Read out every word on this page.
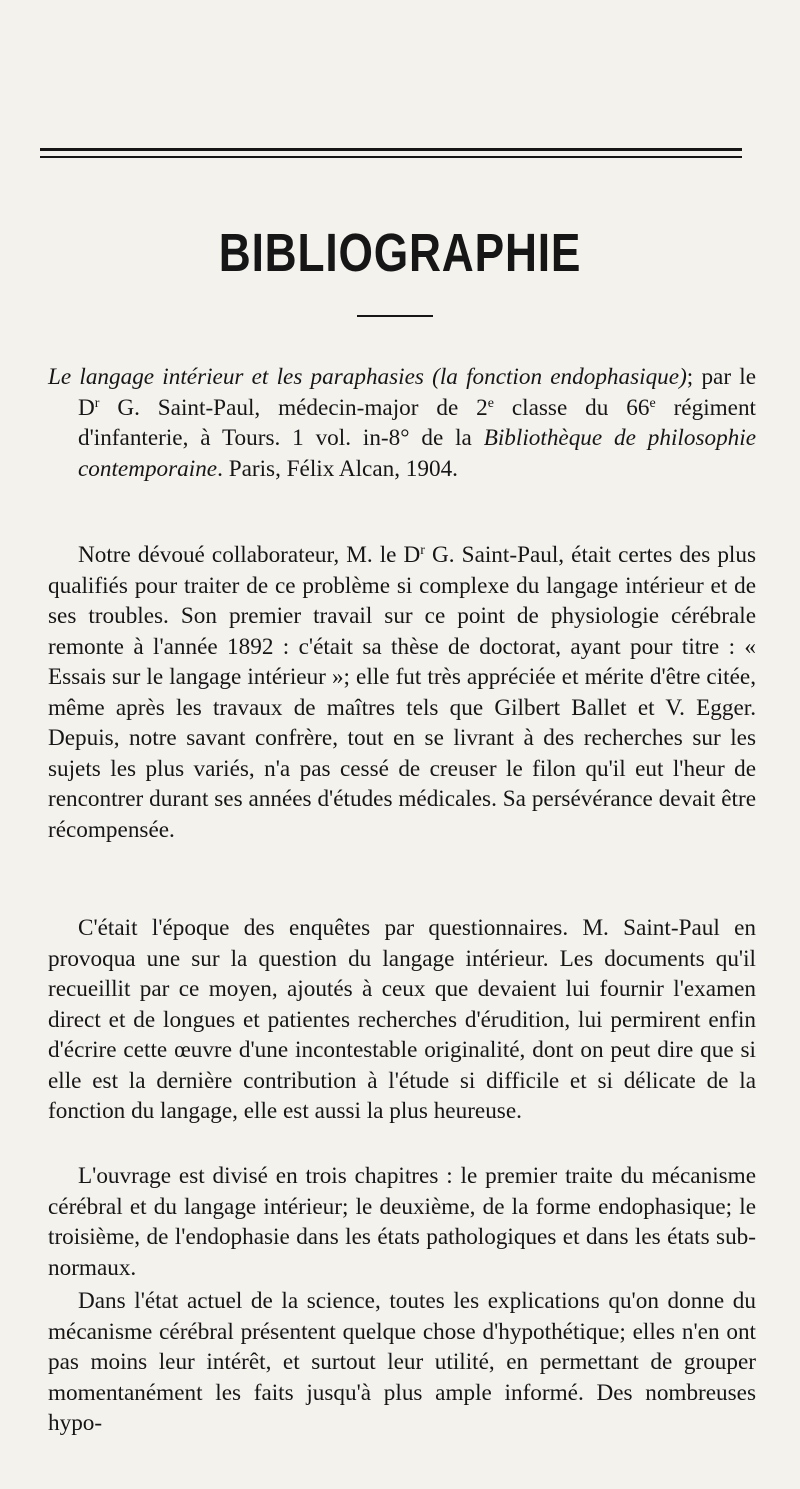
BIBLIOGRAPHIE
Le langage intérieur et les paraphasies (la fonction endophasique); par le $D^r$ G. Saint-Paul, médecin-major de 2e classe du 66e régiment d'infanterie, à Tours. 1 vol. in-8° de la Bibliothèque de philosophie contemporaine. Paris, Félix Alcan, 1904.
Notre dévoué collaborateur, M. le $D^r$ G. Saint-Paul, était certes des plus qualifiés pour traiter de ce problème si complexe du langage intérieur et de ses troubles. Son premier travail sur ce point de physiologie cérébrale remonte à l'année 1892 : c'était sa thèse de doctorat, ayant pour titre : « Essais sur le langage intérieur »; elle fut très appréciée et mérite d'être citée, même après les travaux de maîtres tels que Gilbert Ballet et V. Egger. Depuis, notre savant confrère, tout en se livrant à des recherches sur les sujets les plus variés, n'a pas cessé de creuser le filon qu'il eut l'heur de rencontrer durant ses années d'études médicales. Sa persévérance devait être récompensée.
C'était l'époque des enquêtes par questionnaires. M. Saint-Paul en provoqua une sur la question du langage intérieur. Les documents qu'il recueillit par ce moyen, ajoutés à ceux que devaient lui fournir l'examen direct et de longues et patientes recherches d'érudition, lui permirent enfin d'écrire cette œuvre d'une incontestable originalité, dont on peut dire que si elle est la dernière contribution à l'étude si difficile et si délicate de la fonction du langage, elle est aussi la plus heureuse.
L'ouvrage est divisé en trois chapitres : le premier traite du mécanisme cérébral et du langage intérieur; le deuxième, de la forme endophasique; le troisième, de l'endophasie dans les états pathologiques et dans les états sub-normaux.
Dans l'état actuel de la science, toutes les explications qu'on donne du mécanisme cérébral présentent quelque chose d'hypothétique; elles n'en ont pas moins leur intérêt, et surtout leur utilité, en permettant de grouper momentanément les faits jusqu'à plus ample informé. Des nombreuses hypo-
